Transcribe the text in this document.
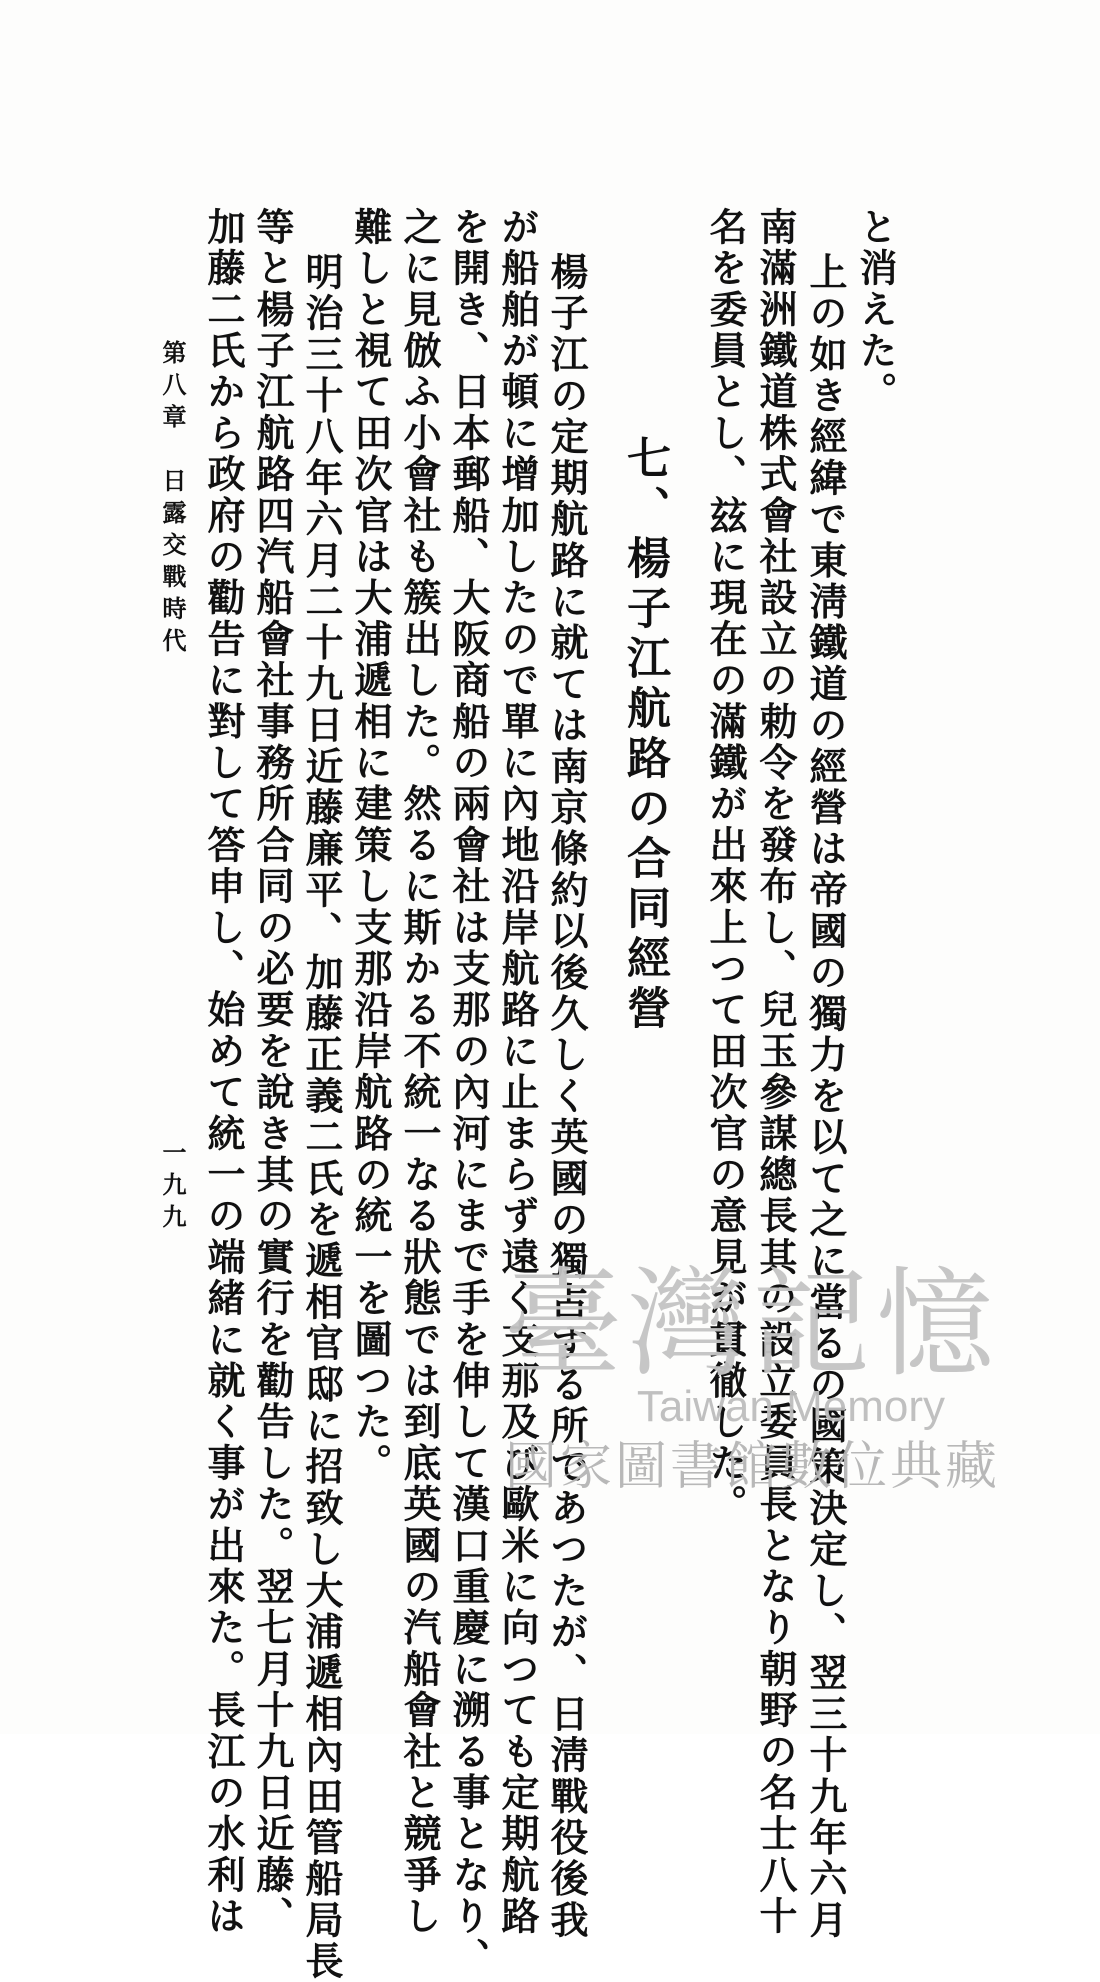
と消えた。

上の如き經緯で東淸鐵道の經營は帝國の獨力を以て之に當るの國策決定し、翌三十九年六月

南滿洲鐵道株式會社設立の勅令を發布し、兒玉參謀總長其の設立委員長となり朝野の名士八十

名を委員とし、玆に現在の滿鐵が出來上つて田次官の意見が貫徹した。

七、楊子江航路の合同經營

楊子江の定期航路に就ては南京條約以後久しく英國の獨占する所であつたが、日淸戰役後我

が船舶が頓に增加したので單に內地沿岸航路に止まらず遠く支那及び歐米に向つても定期航路

を開き、日本郵船、大阪商船の兩會社は支那の內河にまで手を伸して漢口重慶に溯る事となり、

之に見倣ふ小會社も簇出した。然るに斯かる不統一なる狀態では到底英國の汽船會社と競爭し

難しと視て田次官は大浦遞相に建策し支那沿岸航路の統一を圖つた。

明治三十八年六月二十九日近藤廉平、加藤正義二氏を遞相官邸に招致し大浦遞相內田管船局長

等と楊子江航路四汽船會社事務所合同の必要を說き其の實行を勸告した。翌七月十九日近藤、

加藤二氏から政府の勸告に對して答申し、始めて統一の端緒に就く事が出來た。長江の水利は

第八章　日露交戰時代
一九九
臺灣記憶
Taiwan Memory
國家圖書館數位典藏
